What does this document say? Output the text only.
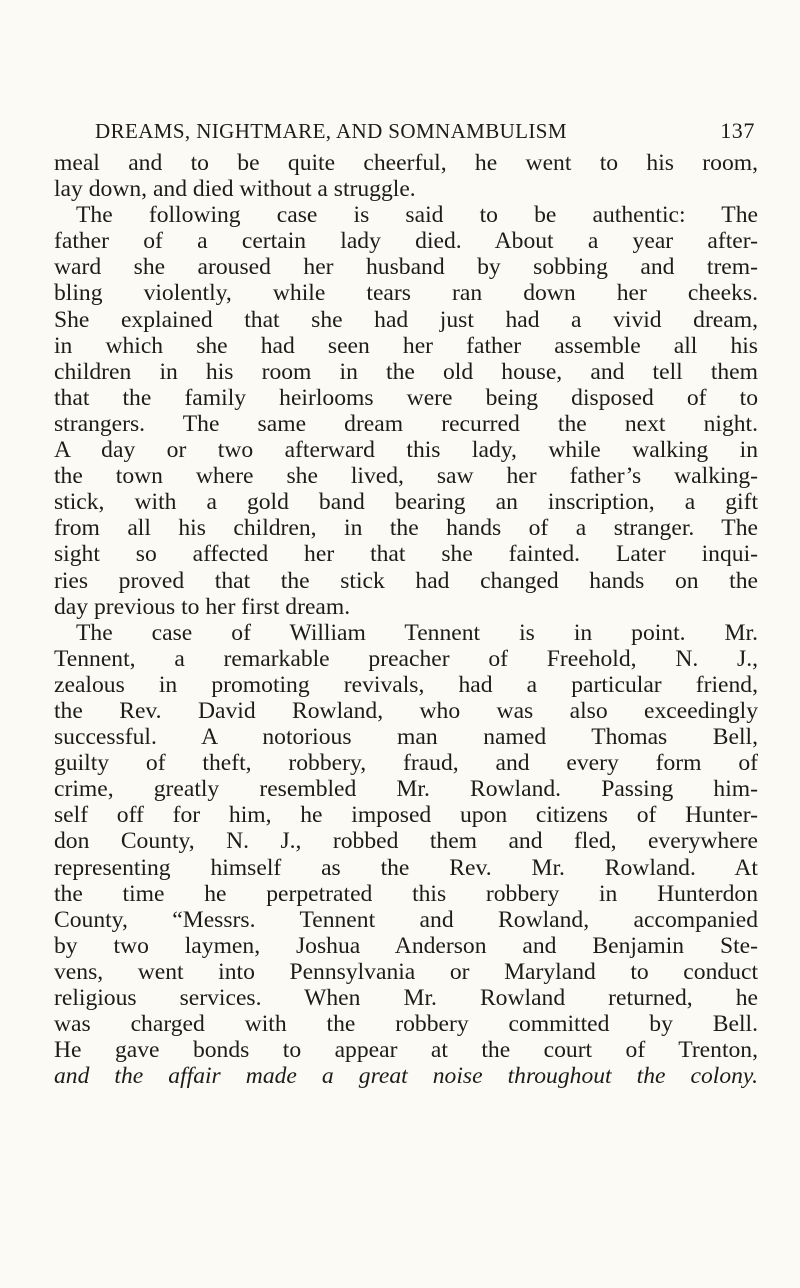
DREAMS, NIGHTMARE, AND SOMNAMBULISM	137
meal and to be quite cheerful, he went to his room,
lay down, and died without a struggle.
The following case is said to be authentic: The
father of a certain lady died. About a year after-
ward she aroused her husband by sobbing and trem-
bling violently, while tears ran down her cheeks.
She explained that she had just had a vivid dream,
in which she had seen her father assemble all his
children in his room in the old house, and tell them
that the family heirlooms were being disposed of to
strangers. The same dream recurred the next night.
A day or two afterward this lady, while walking in
the town where she lived, saw her father’s walking-
stick, with a gold band bearing an inscription, a gift
from all his children, in the hands of a stranger. The
sight so affected her that she fainted. Later inqui-
ries proved that the stick had changed hands on the
day previous to her first dream.
The case of William Tennent is in point. Mr.
Tennent, a remarkable preacher of Freehold, N. J.,
zealous in promoting revivals, had a particular friend,
the Rev. David Rowland, who was also exceedingly
successful. A notorious man named Thomas Bell,
guilty of theft, robbery, fraud, and every form of
crime, greatly resembled Mr. Rowland. Passing him-
self off for him, he imposed upon citizens of Hunter-
don County, N. J., robbed them and fled, everywhere
representing himself as the Rev. Mr. Rowland. At
the time he perpetrated this robbery in Hunterdon
County, “Messrs. Tennent and Rowland, accompanied
by two laymen, Joshua Anderson and Benjamin Ste-
vens, went into Pennsylvania or Maryland to conduct
religious services. When Mr. Rowland returned, he
was charged with the robbery committed by Bell.
He gave bonds to appear at the court of Trenton,
and the affair made a great noise throughout the colony.
